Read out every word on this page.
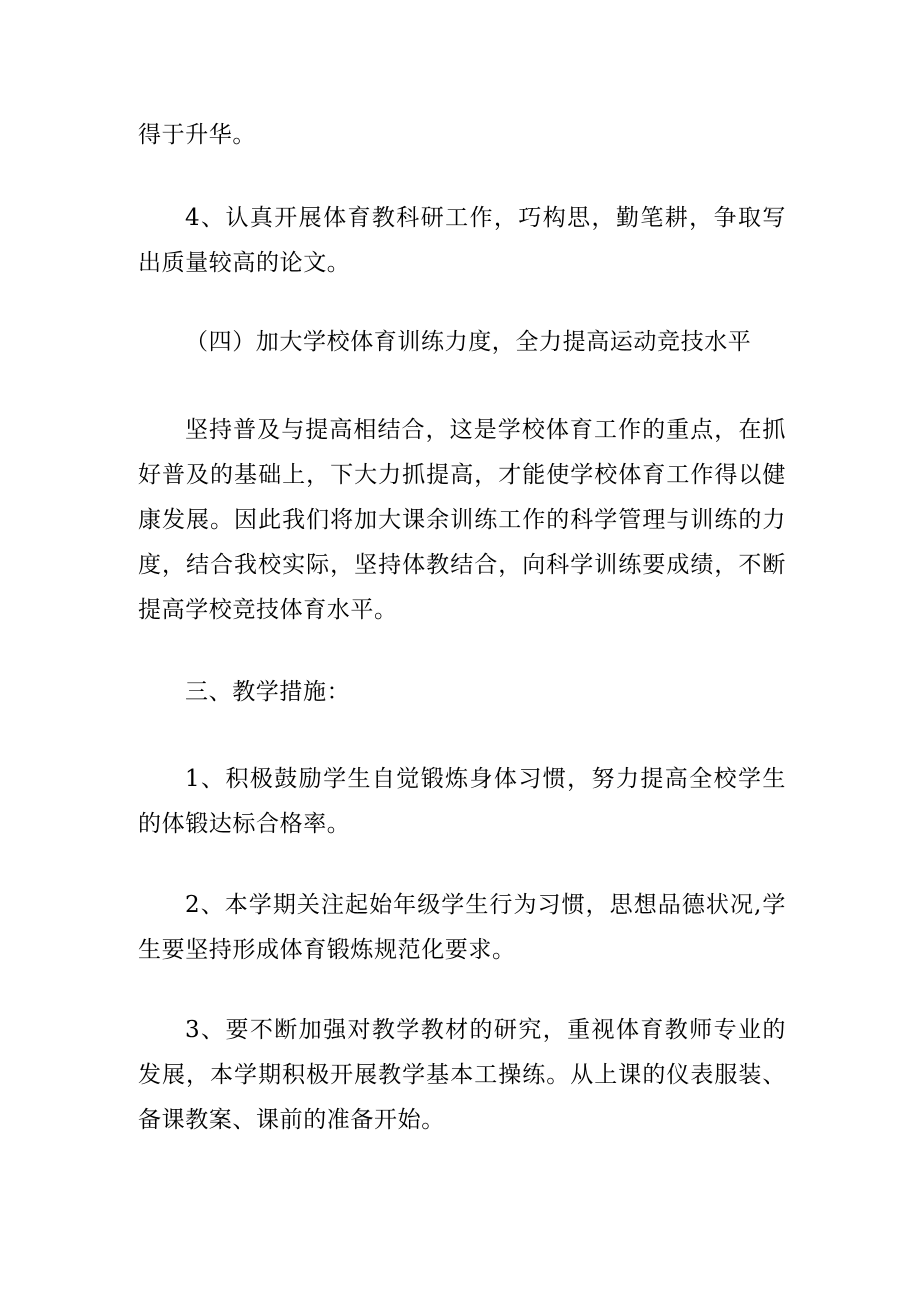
得于升华。

4、认真开展体育教科研工作，巧构思，勤笔耕，争取写出质量较高的论文。

（四）加大学校体育训练力度，全力提高运动竞技水平

坚持普及与提高相结合，这是学校体育工作的重点，在抓好普及的基础上，下大力抓提高，才能使学校体育工作得以健康发展。因此我们将加大课余训练工作的科学管理与训练的力度，结合我校实际，坚持体教结合，向科学训练要成绩，不断提高学校竞技体育水平。

三、教学措施：

1、积极鼓励学生自觉锻炼身体习惯，努力提高全校学生的体锻达标合格率。

2、本学期关注起始年级学生行为习惯，思想品德状况,学生要坚持形成体育锻炼规范化要求。

3、要不断加强对教学教材的研究，重视体育教师专业的发展，本学期积极开展教学基本工操练。从上课的仪表服装、备课教案、课前的准备开始。
